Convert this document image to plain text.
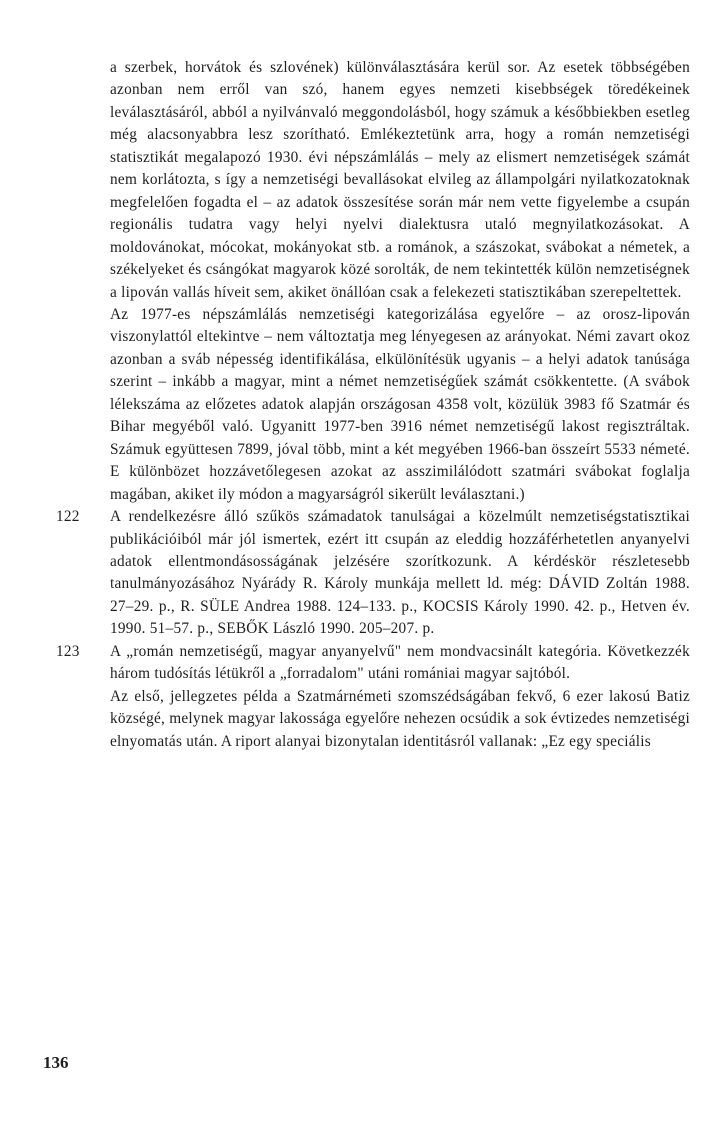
a szerbek, horvátok és szlovének) különválasztására kerül sor. Az esetek többségében azonban nem erről van szó, hanem egyes nemzeti kisebbségek töredékeinek leválasztásáról, abból a nyilvánvaló meggondolásból, hogy számuk a későbbiekben esetleg még alacsonyabbra lesz szorítható. Emlékeztetünk arra, hogy a román nemzetiségi statisztikát megalapozó 1930. évi népszámlálás – mely az elismert nemzetiségek számát nem korlátozta, s így a nemzetiségi bevallásokat elvileg az állampolgári nyilatkozatoknak megfelelően fogadta el – az adatok összesítése során már nem vette figyelembe a csupán regionális tudatra vagy helyi nyelvi dialektusra utaló megnyilatkozásokat. A moldovánokat, mócokat, mokányokat stb. a románok, a szászokat, svábokat a németek, a székelyeket és csángókat magyarok közé sorolták, de nem tekintették külön nemzetiségnek a lipován vallás híveit sem, akiket önállóan csak a felekezeti statisztikában szerepeltettek.

Az 1977-es népszámlálás nemzetiségi kategorizálása egyelőre – az orosz-lipován viszonylattól eltekintve – nem változtatja meg lényegesen az arányokat. Némi zavart okoz azonban a sváb népesség identifikálása, elkülönítésük ugyanis – a helyi adatok tanúsága szerint – inkább a magyar, mint a német nemzetiségűek számát csökkentette. (A svábok lélekszáma az előzetes adatok alapján országosan 4358 volt, közülük 3983 fő Szatmár és Bihar megyéből való. Ugyanitt 1977-ben 3916 német nemzetiségű lakost regisztráltak. Számuk együttesen 7899, jóval több, mint a két megyében 1966-ban összeírt 5533 németé. E különbözet hozzávetőlegesen azokat az asszimilálódott szatmári svábokat foglalja magában, akiket ily módon a magyarságról sikerült leválasztani.)

122 A rendelkezésre álló szűkös számadatok tanulságai a közelmúlt nemzetiségstatisztikai publikációiból már jól ismertek, ezért itt csupán az eleddig hozzáférhetetlen anyanyelvi adatok ellentmondásosságának jelzésére szorítkozunk. A kérdéskör részletesebb tanulmányozásához Nyárády R. Károly munkája mellett ld. még: DÁVID Zoltán 1988. 27–29. p., R. SÜLE Andrea 1988. 124–133. p., KOCSIS Károly 1990. 42. p., Hetven év. 1990. 51–57. p., SEBŐK László 1990. 205–207. p.
123 A „román nemzetiségű, magyar anyanyelvű" nem mondvacsinált kategória. Következzék három tudósítás létükről a „forradalom" utáni romániai magyar sajtóból.

Az első, jellegzetes példa a Szatmárnémeti szomszédságában fekvő, 6 ezer lakosú Batiz községé, melynek magyar lakossága egyelőre nehezen ocsúdik a sok évtizedes nemzetiségi elnyomatás után. A riport alanyai bizonytalan identitásról vallanak: „Ez egy speciális

136
